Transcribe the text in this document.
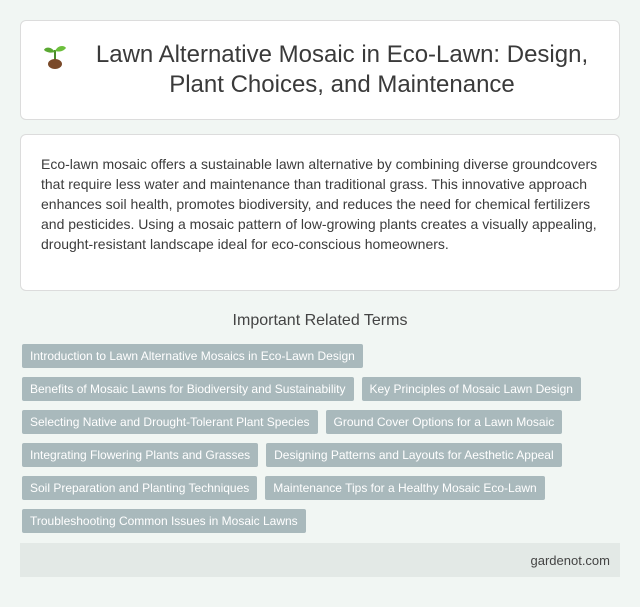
Lawn Alternative Mosaic in Eco-Lawn: Design, Plant Choices, and Maintenance

Eco-lawn mosaic offers a sustainable lawn alternative by combining diverse groundcovers that require less water and maintenance than traditional grass. This innovative approach enhances soil health, promotes biodiversity, and reduces the need for chemical fertilizers and pesticides. Using a mosaic pattern of low-growing plants creates a visually appealing, drought-resistant landscape ideal for eco-conscious homeowners.

Important Related Terms
Introduction to Lawn Alternative Mosaics in Eco-Lawn Design
Benefits of Mosaic Lawns for Biodiversity and Sustainability	Key Principles of Mosaic Lawn Design
Selecting Native and Drought-Tolerant Plant Species	Ground Cover Options for a Lawn Mosaic
Integrating Flowering Plants and Grasses	Designing Patterns and Layouts for Aesthetic Appeal
Soil Preparation and Planting Techniques	Maintenance Tips for a Healthy Mosaic Eco-Lawn
Troubleshooting Common Issues in Mosaic Lawns
gardenot.com
